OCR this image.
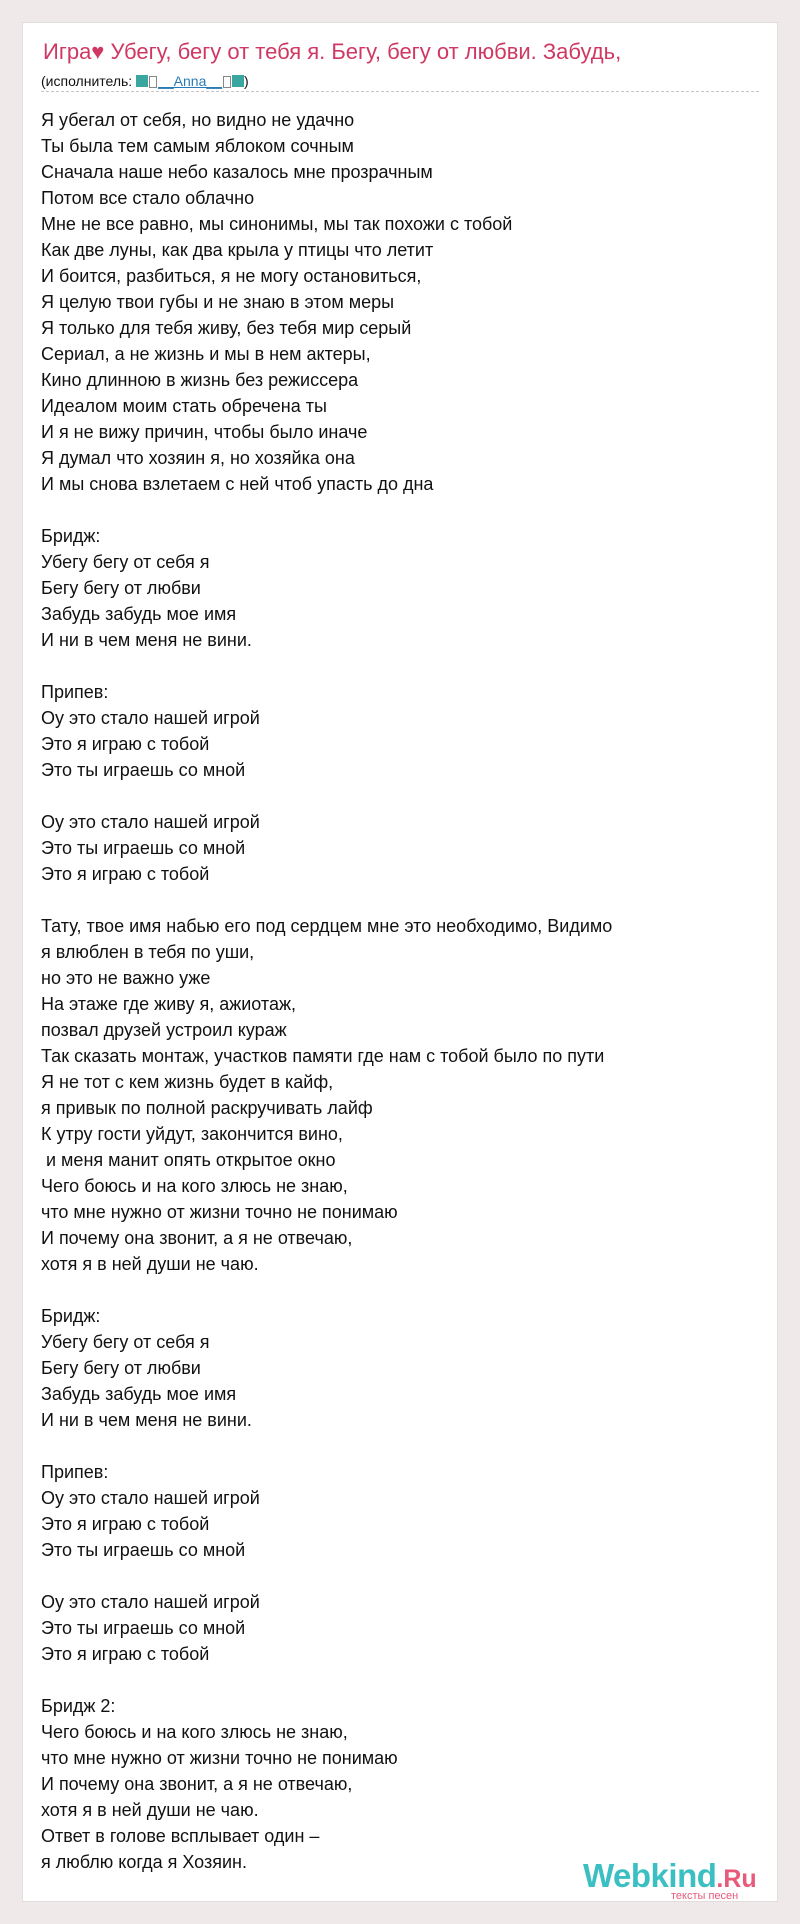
Игра♥ Убегу, бегу от тебя я. Бегу, бегу от любви. Забудь,
(исполнитель: __Anna__ )
Я убегал от себя, но видно не удачно
Ты была тем самым яблоком сочным
Сначала наше небо казалось мне прозрачным
Потом все стало облачно
Мне не все равно, мы синонимы, мы так похожи с тобой
Как две луны, как два крыла у птицы что летит
И боится, разбиться, я не могу остановиться,
Я целую твои губы и не знаю в этом меры
Я только для тебя живу, без тебя мир серый
Сериал, а не жизнь и мы в нем актеры,
Кино длинною в жизнь без режиссера
Идеалом моим стать обречена ты
И я не вижу причин, чтобы было иначе
Я думал что хозяин я, но хозяйка она
И мы снова взлетаем с ней чтоб упасть до дна
Бридж:
Убегу бегу от себя я
Бегу бегу от любви
Забудь забудь мое имя
И ни в чем меня не вини.
Припев:
Оу это стало нашей игрой
Это я играю с тобой
Это ты играешь со мной
Оу это стало нашей игрой
Это ты играешь со мной
Это я играю с тобой
Тату, твое имя набью его под сердцем мне это необходимо, Видимо
я влюблен в тебя по уши,
но это не важно уже
На этаже где живу я, ажиотаж,
позвал друзей устроил кураж
Так сказать монтаж, участков памяти где нам с тобой было по пути
Я не тот с кем жизнь будет в кайф,
я привык по полной раскручивать лайф
К утру гости уйдут, закончится вино,
и меня манит опять открытое окно
Чего боюсь и на кого злюсь не знаю,
что мне нужно от жизни точно не понимаю
И почему она звонит, а я не отвечаю,
хотя я в ней души не чаю.
Бридж:
Убегу бегу от себя я
Бегу бегу от любви
Забудь забудь мое имя
И ни в чем меня не вини.
Припев:
Оу это стало нашей игрой
Это я играю с тобой
Это ты играешь со мной
Оу это стало нашей игрой
Это ты играешь со мной
Это я играю с тобой
Бридж 2:
Чего боюсь и на кого злюсь не знаю,
что мне нужно от жизни точно не понимаю
И почему она звонит, а я не отвечаю,
хотя я в ней души не чаю.
Ответ в голове всплывает один –
я люблю когда я Хозяин.	Webkind.Ru
тексты песен
